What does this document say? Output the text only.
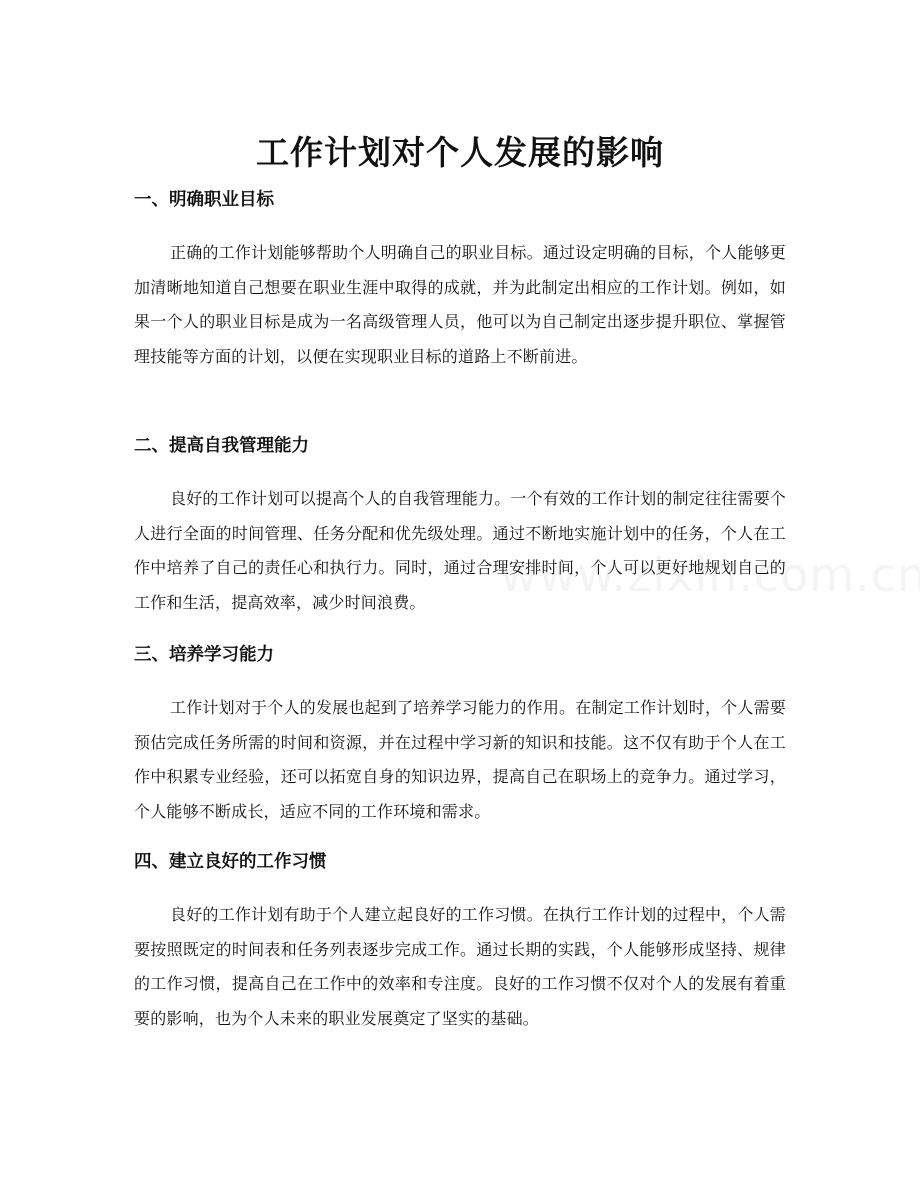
工作计划对个人发展的影响
一、明确职业目标

正确的工作计划能够帮助个人明确自己的职业目标。通过设定明确的目标，个人能够更加清晰地知道自己想要在职业生涯中取得的成就，并为此制定出相应的工作计划。例如，如果一个人的职业目标是成为一名高级管理人员，他可以为自己制定出逐步提升职位、掌握管理技能等方面的计划，以便在实现职业目标的道路上不断前进。

二、提高自我管理能力

良好的工作计划可以提高个人的自我管理能力。一个有效的工作计划的制定往往需要个人进行全面的时间管理、任务分配和优先级处理。通过不断地实施计划中的任务，个人在工作中培养了自己的责任心和执行力。同时，通过合理安排时间，个人可以更好地规划自己的工作和生活，提高效率，减少时间浪费。

三、培养学习能力

工作计划对于个人的发展也起到了培养学习能力的作用。在制定工作计划时，个人需要预估完成任务所需的时间和资源，并在过程中学习新的知识和技能。这不仅有助于个人在工作中积累专业经验，还可以拓宽自身的知识边界，提高自己在职场上的竞争力。通过学习，个人能够不断成长，适应不同的工作环境和需求。

四、建立良好的工作习惯

良好的工作计划有助于个人建立起良好的工作习惯。在执行工作计划的过程中，个人需要按照既定的时间表和任务列表逐步完成工作。通过长期的实践，个人能够形成坚持、规律的工作习惯，提高自己在工作中的效率和专注度。良好的工作习惯不仅对个人的发展有着重要的影响，也为个人未来的职业发展奠定了坚实的基础。
